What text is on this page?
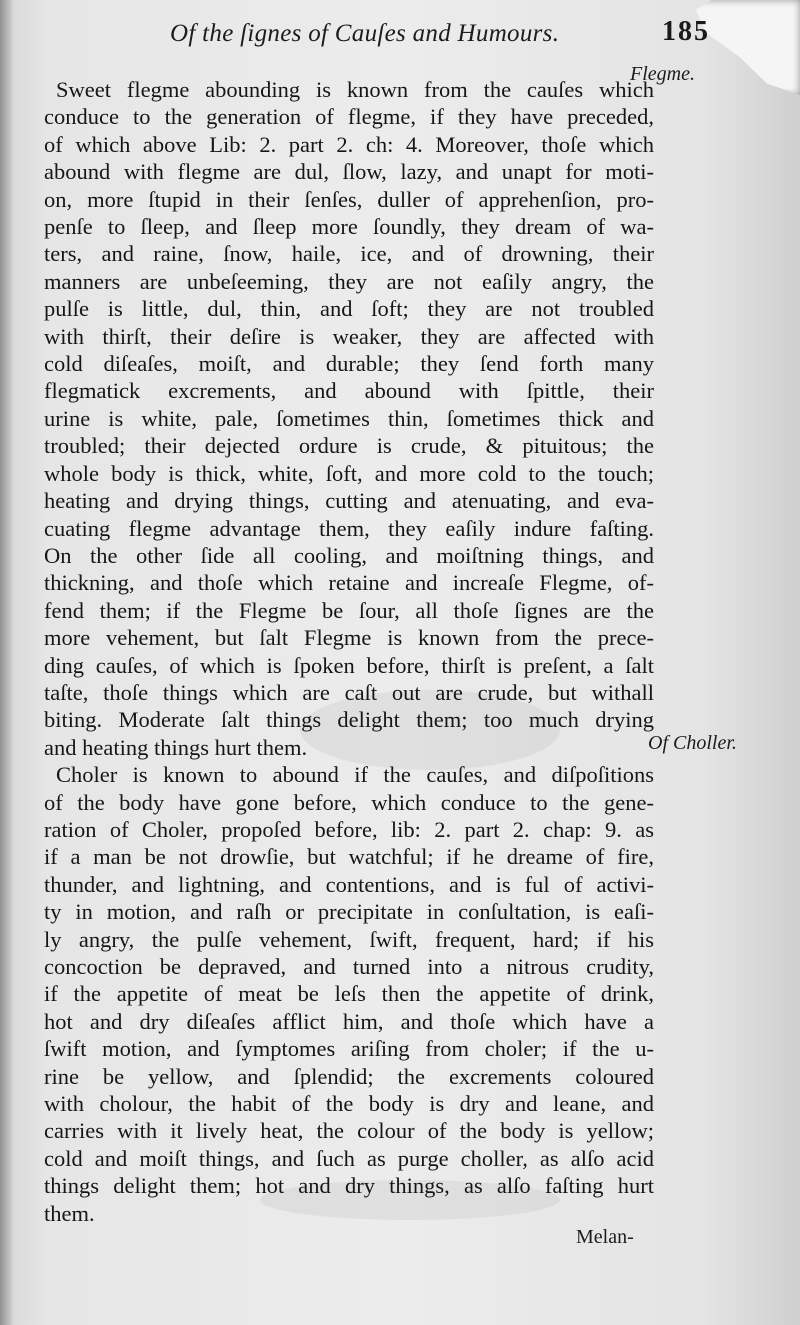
Of the ſignes of Cauſes and Humours.	185
Flegme.
Of Choller.
Sweet flegme abounding is known from the cauſes which
conduce to the generation of flegme, if they have preceded,
of which above Lib: 2. part 2. ch: 4. Moreover, thoſe which
abound with flegme are dul, ſlow, lazy, and unapt for moti-
on, more ſtupid in their ſenſes, duller of apprehenſion, pro-
penſe to ſleep, and ſleep more ſoundly, they dream of wa-
ters, and raine, ſnow, haile, ice, and of drowning, their
manners are unbeſeeming, they are not eaſily angry, the
pulſe is little, dul, thin, and ſoft; they are not troubled
with thirſt, their deſire is weaker, they are affected with
cold diſeaſes, moiſt, and durable; they ſend forth many
flegmatick excrements, and abound with ſpittle, their
urine is white, pale, ſometimes thin, ſometimes thick and
troubled; their dejected ordure is crude, & pituitous; the
whole body is thick, white, ſoft, and more cold to the touch;
heating and drying things, cutting and atenuating, and eva-
cuating flegme advantage them, they eaſily indure faſting.
On the other ſide all cooling, and moiſtning things, and
thickning, and thoſe which retaine and increaſe Flegme, of-
fend them; if the Flegme be ſour, all thoſe ſignes are the
more vehement, but ſalt Flegme is known from the prece-
ding cauſes, of which is ſpoken before, thirſt is preſent, a ſalt
taſte, thoſe things which are caſt out are crude, but withall
biting. Moderate ſalt things delight them; too much drying
and heating things hurt them.
Choler is known to abound if the cauſes, and diſpoſitions
of the body have gone before, which conduce to the gene-
ration of Choler, propoſed before, lib: 2. part 2. chap: 9. as
if a man be not drowſie, but watchful; if he dreame of fire,
thunder, and lightning, and contentions, and is ful of activi-
ty in motion, and raſh or precipitate in conſultation, is eaſi-
ly angry, the pulſe vehement, ſwift, frequent, hard; if his
concoction be depraved, and turned into a nitrous crudity,
if the appetite of meat be leſs then the appetite of drink,
hot and dry diſeaſes afflict him, and thoſe which have a
ſwift motion, and ſymptomes ariſing from choler; if the u-
rine be yellow, and ſplendid; the excrements coloured
with cholour, the habit of the body is dry and leane, and
carries with it lively heat, the colour of the body is yellow;
cold and moiſt things, and ſuch as purge choller, as alſo acid
things delight them; hot and dry things, as alſo faſting hurt
them.
Melan-
